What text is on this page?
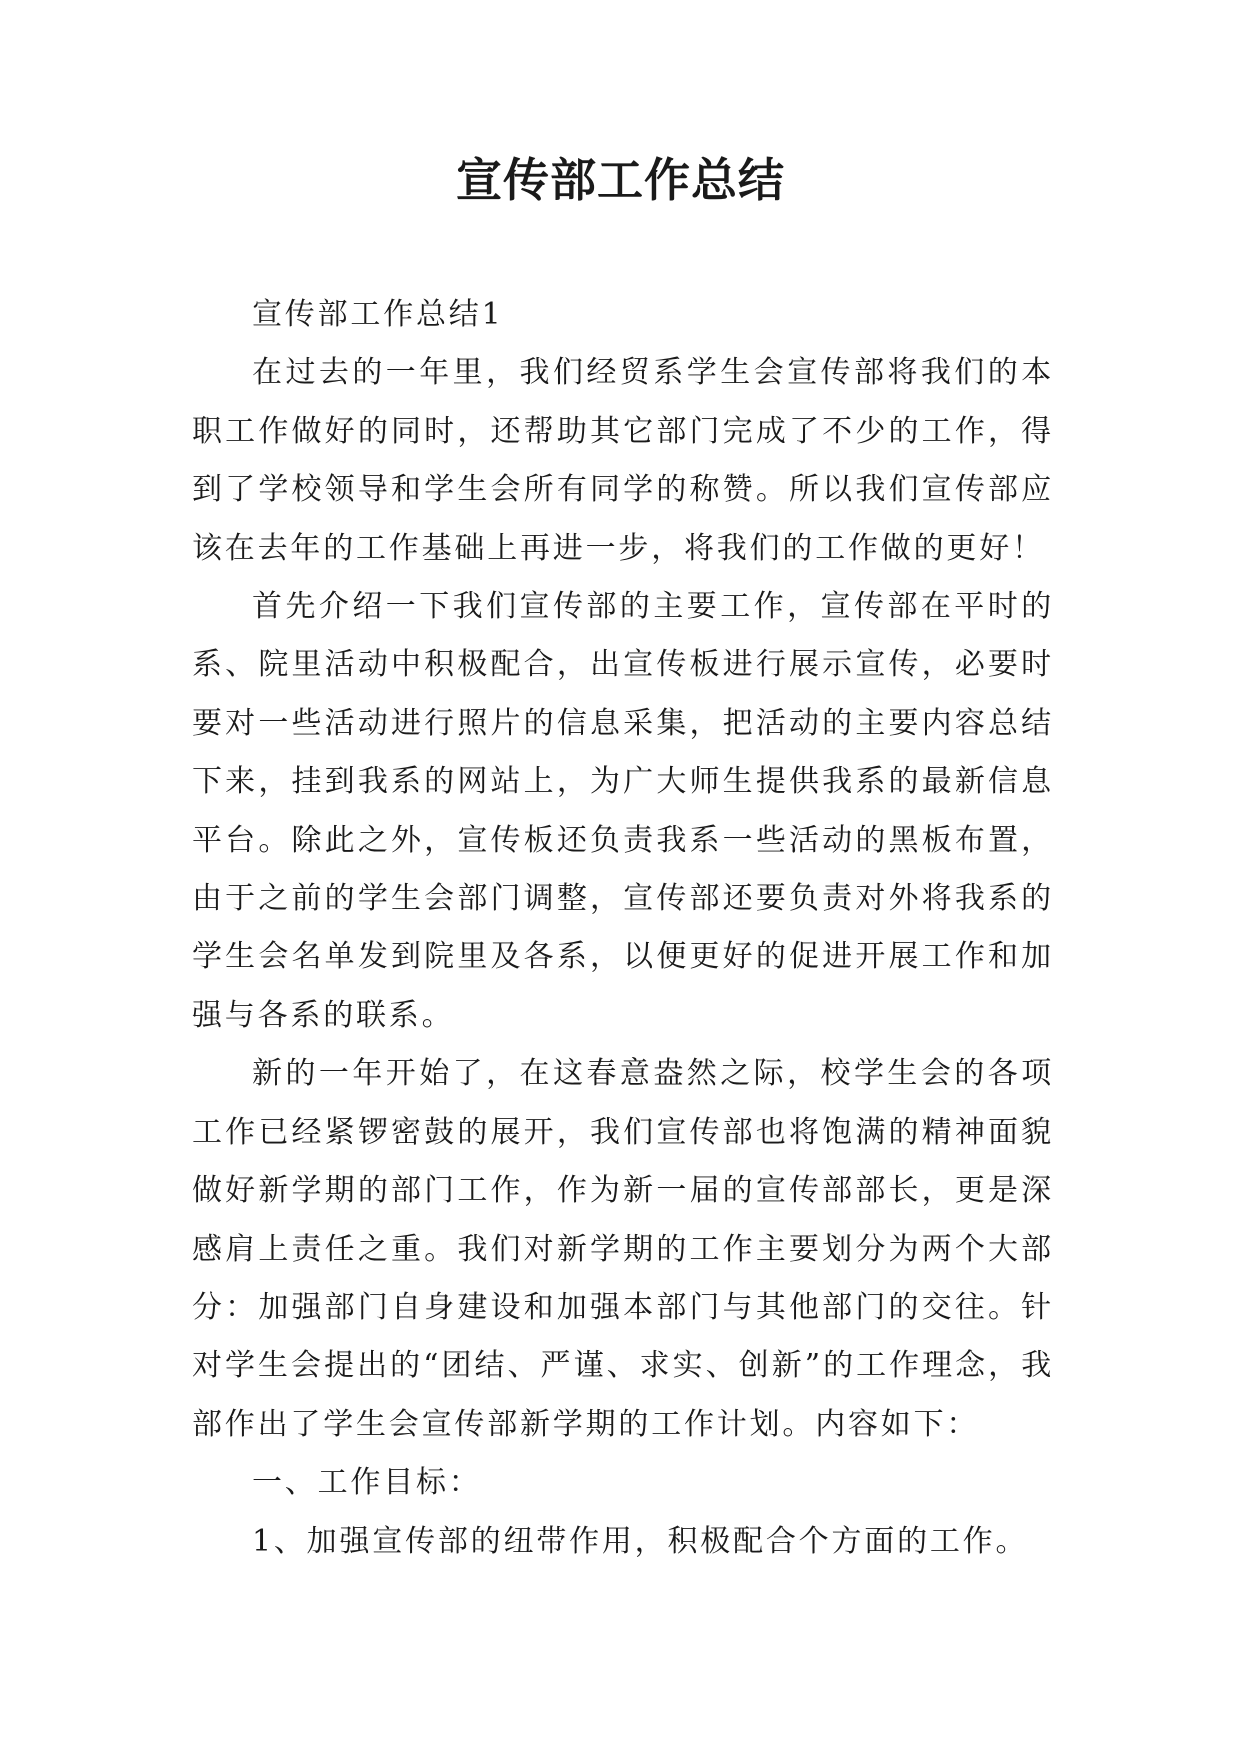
宣传部工作总结

宣传部工作总结1

在过去的一年里，我们经贸系学生会宣传部将我们的本职工作做好的同时，还帮助其它部门完成了不少的工作，得到了学校领导和学生会所有同学的称赞。所以我们宣传部应该在去年的工作基础上再进一步，将我们的工作做的更好！

首先介绍一下我们宣传部的主要工作，宣传部在平时的系、院里活动中积极配合，出宣传板进行展示宣传，必要时要对一些活动进行照片的信息采集，把活动的主要内容总结下来，挂到我系的网站上，为广大师生提供我系的最新信息平台。除此之外，宣传板还负责我系一些活动的黑板布置，由于之前的学生会部门调整，宣传部还要负责对外将我系的学生会名单发到院里及各系，以便更好的促进开展工作和加强与各系的联系。

新的一年开始了，在这春意盎然之际，校学生会的各项工作已经紧锣密鼓的展开，我们宣传部也将饱满的精神面貌做好新学期的部门工作，作为新一届的宣传部部长，更是深感肩上责任之重。我们对新学期的工作主要划分为两个大部分：加强部门自身建设和加强本部门与其他部门的交往。针对学生会提出的“团结、严谨、求实、创新”的工作理念，我部作出了学生会宣传部新学期的工作计划。内容如下：

一、工作目标：

1、加强宣传部的纽带作用，积极配合个方面的工作。
